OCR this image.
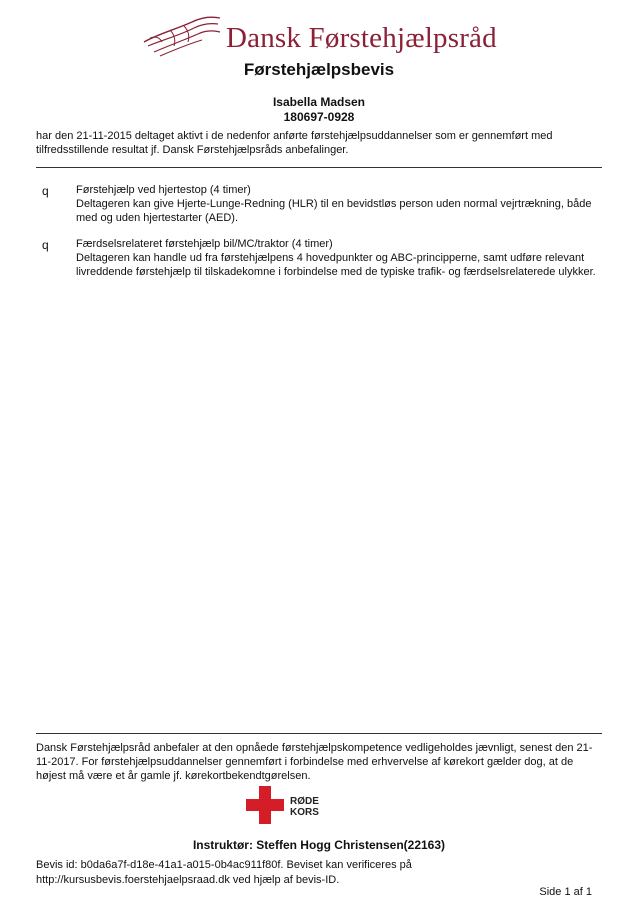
Dansk Førstehjælpsråd
Førstehjælpsbevis
Isabella Madsen
180697-0928
har den 21-11-2015 deltaget aktivt i de nedenfor anførte førstehjælpsuddannelser som er gennemført med tilfredsstillende resultat jf. Dansk Førstehjælpsråds anbefalinger.
q Førstehjælp ved hjertestop (4 timer)
Deltageren kan give Hjerte-Lunge-Redning (HLR) til en bevidstløs person uden normal vejrtrækning, både med og uden hjertestarter (AED).
q Færdselsrelateret førstehjælp bil/MC/traktor (4 timer)
Deltageren kan handle ud fra førstehjælpens 4 hovedpunkter og ABC-principperne, samt udføre relevant livreddende førstehjælp til tilskadekomne i forbindelse med de typiske trafik- og færdselsrelaterede ulykker.
Dansk Førstehjælpsråd anbefaler at den opnåede førstehjælpskompetence vedligeholdes jævnligt, senest den 21-11-2017. For førstehjælpsuddannelser gennemført i forbindelse med erhvervelse af kørekort gælder dog, at de højest må være et år gamle jf. kørekortbekendtgørelsen.
RØDE
KORS
Instruktør: Steffen Hogg Christensen(22163)
Bevis id: b0da6a7f-d18e-41a1-a015-0b4ac911f80f. Beviset kan verificeres på http://kursusbevis.foerstehjaelpsraad.dk ved hjælp af bevis-ID.
Side 1 af 1
